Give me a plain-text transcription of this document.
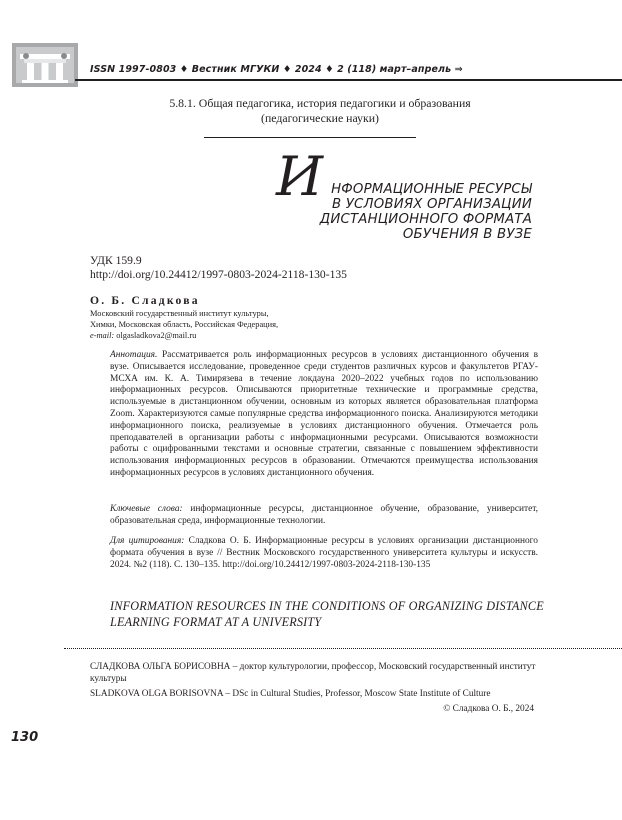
ISSN 1997-0803 ♦ Вестник МГУКИ ♦ 2024 ♦ 2 (118) март–апрель ⇒
5.8.1. Общая педагогика, история педагогики и образования
(педагогические науки)
И НФОРМАЦИОННЫЕ РЕСУРСЫ
В УСЛОВИЯХ ОРГАНИЗАЦИИ
ДИСТАНЦИОННОГО ФОРМАТА
ОБУЧЕНИЯ В ВУЗЕ
УДК 159.9
http://doi.org/10.24412/1997-0803-2024-2118-130-135
О. Б. Сладкова
Московский государственный институт культуры,
Химки, Московская область, Российская Федерация,
e-mail: olgasladkova2@mail.ru
Аннотация. Рассматривается роль информационных ресурсов в условиях дистанционного обучения в вузе. Описывается исследование, проведенное среди студентов различных курсов и факультетов РГАУ-МСХА им. К. А. Тимирязева в течение локдауна 2020–2022 учебных годов по использованию информационных ресурсов. Описываются приоритетные технические и программные средства, используемые в дистанционном обучении, основным из которых является образовательная платформа Zoom. Характеризуются самые популярные средства информационного поиска. Анализируются методики информационного поиска, реализуемые в условиях дистанционного обучения. Отмечается роль преподавателей в организации работы с информационными ресурсами. Описываются возможности работы с оцифрованными текстами и основные стратегии, связанные с повышением эффективности использования информационных ресурсов в образовании. Отмечаются преимущества использования информационных ресурсов в условиях дистанционного обучения.
Ключевые слова: информационные ресурсы, дистанционное обучение, образование, университет, образовательная среда, информационные технологии.
Для цитирования: Сладкова О. Б. Информационные ресурсы в условиях организации дистанционного формата обучения в вузе // Вестник Московского государственного университета культуры и искусств. 2024. №2 (118). С. 130–135. http://doi.org/10.24412/1997-0803-2024-2118-130-135
INFORMATION RESOURCES IN THE CONDITIONS OF ORGANIZING DISTANCE LEARNING FORMAT AT A UNIVERSITY
СЛАДКОВА ОЛЬГА БОРИСОВНА – доктор культурологии, профессор, Московский государственный институт культуры
SLADKOVA OLGA BORISOVNA – DSc in Cultural Studies, Professor, Moscow State Institute of Culture
© Сладкова О. Б., 2024
130
